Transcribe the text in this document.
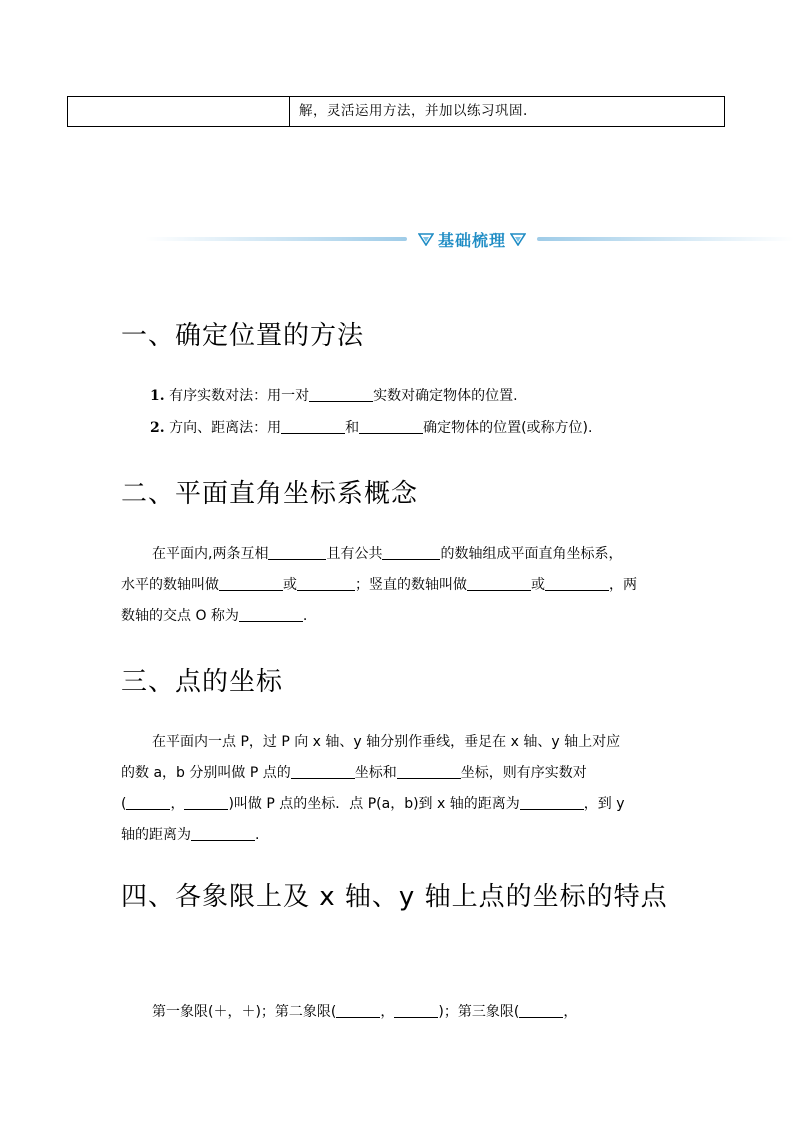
解，灵活运用方法，并加以练习巩固.
基础梳理
一、确定位置的方法
1. 有序实数对法：用一对	实数对确定物体的位置.
2. 方向、距离法：用	和	确定物体的位置(或称方位).
二、平面直角坐标系概念
在平面内,两条互相	且有公共	的数轴组成平面直角坐标系，
水平的数轴叫做	或	；竖直的数轴叫做	或	，两
数轴的交点 O 称为	.
三、点的坐标
在平面内一点 P，过 P 向 x 轴、y 轴分别作垂线，垂足在 x 轴、y 轴上对应
的数 a，b 分别叫做 P 点的	坐标和	坐标，则有序实数对
(	，	)叫做 P 点的坐标．点 P(a，b)到 x 轴的距离为	，到 y
轴的距离为	.
四、各象限上及 x 轴、y 轴上点的坐标的特点
第一象限(＋，＋)；第二象限(	，	)；第三象限(	，
